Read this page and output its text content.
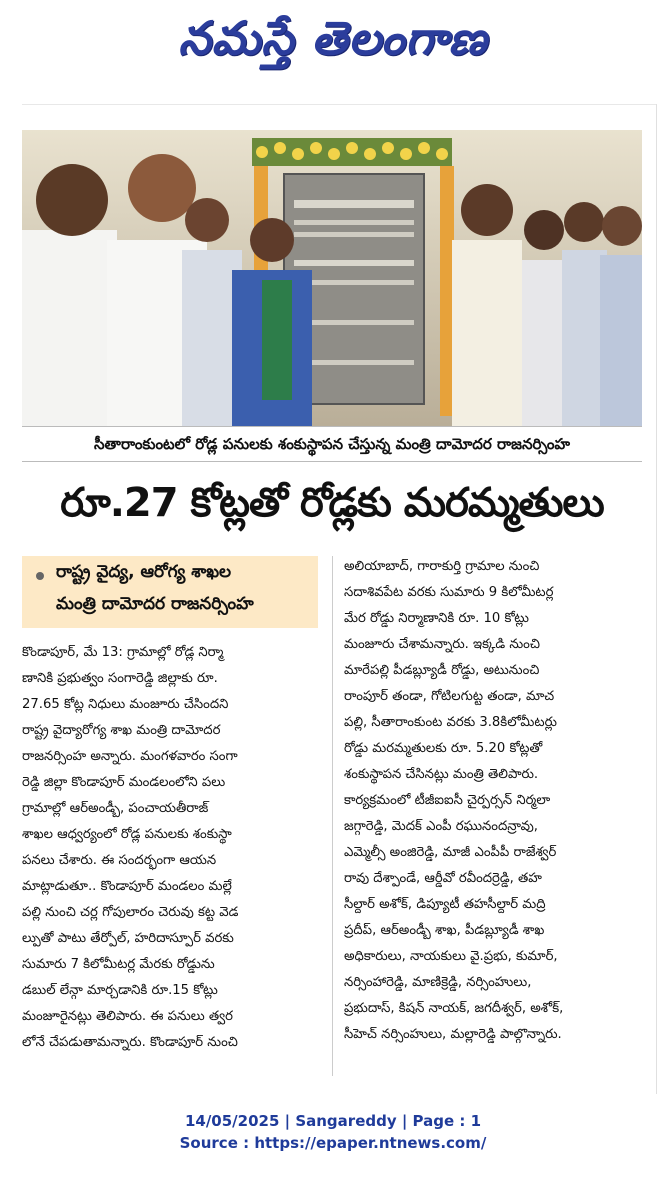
నమస్తే తెలంగాణ
సీతారాంకుంటలో రోడ్ల పనులకు శంకుస్థాపన చేస్తున్న మంత్రి దామోదర రాజనర్సింహ
రూ.27 కోట్లతో రోడ్లకు మరమ్మతులు
రాష్ట్ర వైద్య, ఆరోగ్య శాఖల
మంత్రి దామోదర రాజనర్సింహ
కొండాపూర్, మే 13: గ్రామాల్లో రోడ్ల నిర్మా
ణానికి ప్రభుత్వం సంగారెడ్డి జిల్లాకు రూ.
27.65 కోట్ల నిధులు మంజూరు చేసిందని
రాష్ట్ర వైద్యారోగ్య శాఖ మంత్రి దామోదర
రాజనర్సింహ అన్నారు. మంగళవారం సంగా
రెడ్డి జిల్లా కొండాపూర్ మండలంలోని పలు
గ్రామాల్లో ఆర్అండ్బీ, పంచాయతీరాజ్
శాఖల ఆధ్వర్యంలో రోడ్ల పనులకు శంకుస్థా
పనలు చేశారు. ఈ సందర్భంగా ఆయన
మాట్లాడుతూ.. కొండాపూర్ మండలం మల్లే
పల్లి నుంచి చర్ల గోపులారం చెరువు కట్ట వెడ
ల్పుతో పాటు తేర్పోల్, హరిదాస్పూర్ వరకు
సుమారు 7 కిలోమీటర్ల మేరకు రోడ్డును
డబుల్ లేన్గా మార్చడానికి రూ.15 కోట్లు
మంజూరైనట్లు తెలిపారు. ఈ పనులు త్వర
లోనే చేపడుతామన్నారు. కొండాపూర్ నుంచి
అలియాబాద్, గారాకుర్తి గ్రామాల నుంచి
సదాశివపేట వరకు సుమారు 9 కిలోమీటర్ల
మేర రోడ్డు నిర్మాణానికి రూ. 10 కోట్లు
మంజూరు చేశామన్నారు. ఇక్కడి నుంచి
మారేపల్లి పీడబ్ల్యూడీ రోడ్డు, అటునుంచి
రాంపూర్ తండా, గోటిలగుట్ట తండా, మాచ
పల్లి, సీతారాంకుంట వరకు 3.8కిలోమీటర్లు
రోడ్డు మరమ్మతులకు రూ. 5.20 కోట్లతో
శంకుస్థాపన చేసినట్లు మంత్రి తెలిపారు.
కార్యక్రమంలో టీజీఐఐసీ చైర్పర్సన్ నిర్మలా
జగ్గారెడ్డి, మెదక్ ఎంపీ రఘునందన్రావు,
ఎమ్మెల్సీ అంజిరెడ్డి, మాజీ ఎంపీపీ రాజేశ్వర్
రావు దేశ్పాండే, ఆర్డీవో రవీందర్రెడ్డి, తహ
సీల్దార్ అశోక్, డిప్యూటీ తహసీల్దార్ మద్రి
ప్రదీప్, ఆర్అండ్బీ శాఖ, పీడబ్ల్యూడీ శాఖ
అధికారులు, నాయకులు వై.ప్రభు, కుమార్,
నర్సింహారెడ్డి, మాణిక్రెడ్డి, నర్సింహులు,
ప్రభుదాస్, కిషన్ నాయక్, జగదీశ్వర్, అశోక్,
సీహెచ్ నర్సింహులు, మల్లారెడ్డి పాల్గొన్నారు.
14/05/2025 | Sangareddy | Page : 1
Source : https://epaper.ntnews.com/
